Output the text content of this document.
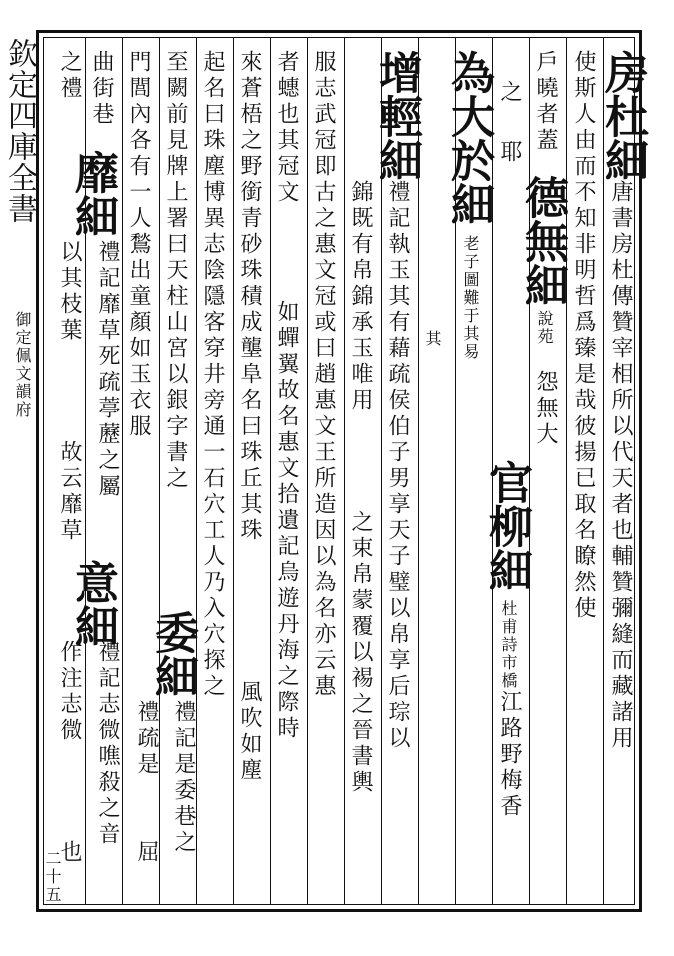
欽定四庫全書
御定佩文韻府
二十五
房杜細
唐書房杜傳贊宰相所以代天者也輔贊彌縫而藏諸用
使斯人由而不知非明哲爲臻是哉彼揚已取名瞭然使
戶曉者蓋
德無細
說苑
怨無大
之
耶
官柳細
杜甫詩市橋
江路野梅香
為大於細
老子圖難于其易
其
增輕細
禮記執玉其有藉疏侯伯子男享天子璧以帛享后琮以
錦既有帛錦承玉唯用
之束帛蒙覆以裼之晉書輿
服志武冠即古之惠文冠或曰趙惠文王所造因以為名亦云惠
者蟪也其冠文
如蟬翼故名惠文拾遺記烏遊丹海之際時
來蒼梧之野銜青砂珠積成壟阜名曰珠丘其珠
風吹如塵
起名曰珠塵博異志陰隱客穿井旁通一石穴工人乃入穴探之
至闕前見牌上署曰天柱山宮以銀字書之
委細
禮記是委巷之
門閭內各有一人鶖出童顏如玉衣服
禮疏是
屈
曲街巷
靡細
禮記靡草死疏葶藶之屬
以其枝葉
故云靡草
意細
禮記志微噍殺之音
之禮
作注志微
也
